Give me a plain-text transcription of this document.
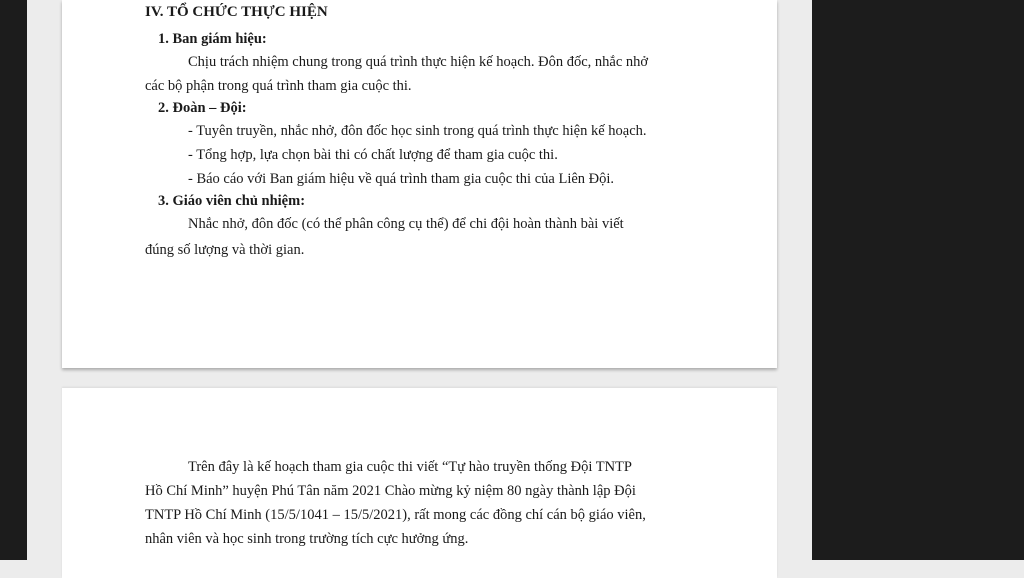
IV. TỔ CHỨC THỰC HIỆN
1. Ban giám hiệu:
Chịu trách nhiệm chung trong quá trình thực hiện kế hoạch. Đôn đốc, nhắc nhở
các bộ phận trong quá trình tham gia cuộc thi.
2. Đoàn – Đội:
- Tuyên truyền, nhắc nhở, đôn đốc học sinh trong quá trình thực hiện kế hoạch.
- Tổng hợp, lựa chọn bài thi có chất lượng để tham gia cuộc thi.
- Báo cáo với Ban giám hiệu về quá trình tham gia cuộc thi của Liên Đội.
3. Giáo viên chủ nhiệm:
Nhắc nhở, đôn đốc (có thể phân công cụ thể) để chi đội hoàn thành bài viết
đúng số lượng và thời gian.
Trên đây là kế hoạch tham gia cuộc thi viết “Tự hào truyền thống Đội TNTP
Hồ Chí Minh” huyện Phú Tân năm 2021 Chào mừng kỷ niệm 80 ngày thành lập Đội
TNTP Hồ Chí Minh (15/5/1041 – 15/5/2021), rất mong các đồng chí cán bộ giáo viên,
nhân viên và học sinh trong trường tích cực hưởng ứng.
